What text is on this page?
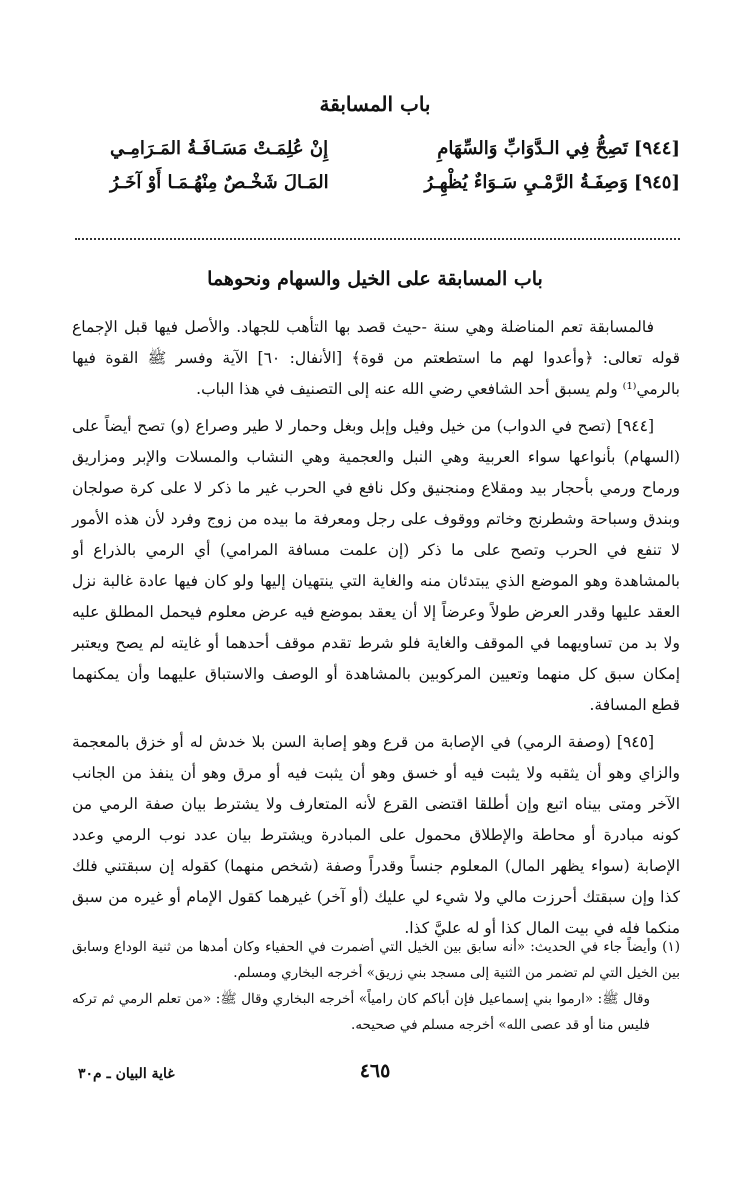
باب المسابقة
[٩٤٤]تَصِحُّ فِي الـدَّوَابِّ وَالسِّهَامِ
إِنْ عُلِمَـتْ مَسَـافَـةُ المَـرَامِـي
[٩٤٥]وَصِفَـةُ الرَّمْـيِ سَـوَاءٌ يُظْهِـرُ
المَـالَ شَخْـصٌ مِنْهُـمَـا أَوْ آخَـرُ
باب المسابقة على الخيل والسهام ونحوهما

فالمسابقة تعم المناضلة وهي سنة -حيث قصد بها التأهب للجهاد. والأصل فيها قبل الإجماع قوله تعالى: ﴿وأعدوا لهم ما استطعتم من قوة﴾ [الأنفال: ٦٠] الآية وفسر ﷺ القوة فيها بالرمي⁽¹⁾ ولم يسبق أحد الشافعي رضي الله عنه إلى التصنيف في هذا الباب.

[٩٤٤] (تصح في الدواب) من خيل وفيل وإبل وبغل وحمار لا طير وصراع (و) تصح أيضاً على (السهام) بأنواعها سواء العربية وهي النبل والعجمية وهي النشاب والمسلات والإبر ومزاريق ورماح ورمي بأحجار بيد ومقلاع ومنجنيق وكل نافع في الحرب غير ما ذكر لا على كرة صولجان وبندق وسباحة وشطرنج وخاتم ووقوف على رجل ومعرفة ما بيده من زوج وفرد لأن هذه الأمور لا تنفع في الحرب وتصح على ما ذكر (إن علمت مسافة المرامي) أي الرمي بالذراع أو بالمشاهدة وهو الموضع الذي يبتدئان منه والغاية التي ينتهيان إليها ولو كان فيها عادة غالبة نزل العقد عليها وقدر العرض طولاً وعرضاً إلا أن يعقد بموضع فيه عرض معلوم فيحمل المطلق عليه ولا بد من تساويهما في الموقف والغاية فلو شرط تقدم موقف أحدهما أو غايته لم يصح ويعتبر إمكان سبق كل منهما وتعيين المركوبين بالمشاهدة أو الوصف والاستباق عليهما وأن يمكنهما قطع المسافة.

[٩٤٥] (وصفة الرمي) في الإصابة من قرع وهو إصابة السن بلا خدش له أو خزق بالمعجمة والزاي وهو أن يثقبه ولا يثبت فيه أو خسق وهو أن يثبت فيه أو مرق وهو أن ينفذ من الجانب الآخر ومتى بيناه اتبع وإن أطلقا اقتضى القرع لأنه المتعارف ولا يشترط بيان صفة الرمي من كونه مبادرة أو محاطة والإطلاق محمول على المبادرة ويشترط بيان عدد نوب الرمي وعدد الإصابة (سواء يظهر المال) المعلوم جنساً وقدراً وصفة (شخص منهما) كقوله إن سبقتني فلك كذا وإن سبقتك أحرزت مالي ولا شيء لي عليك (أو آخر) غيرهما كقول الإمام أو غيره من سبق منكما فله في بيت المال كذا أو له عليَّ كذا.

(١) وأيضاً جاء في الحديث: «أنه سابق بين الخيل التي أضمرت في الحفياء وكان أمدها من ثنية الوداع وسابق بين الخيل التي لم تضمر من الثنية إلى مسجد بني زريق» أخرجه البخاري ومسلم.

وقال ﷺ: «ارموا بني إسماعيل فإن أباكم كان رامياً» أخرجه البخاري وقال ﷺ: «من تعلم الرمي ثم تركه فليس منا أو قد عصى الله» أخرجه مسلم في صحيحه.

٤٦٥
غاية البيان ـ م٣٠
